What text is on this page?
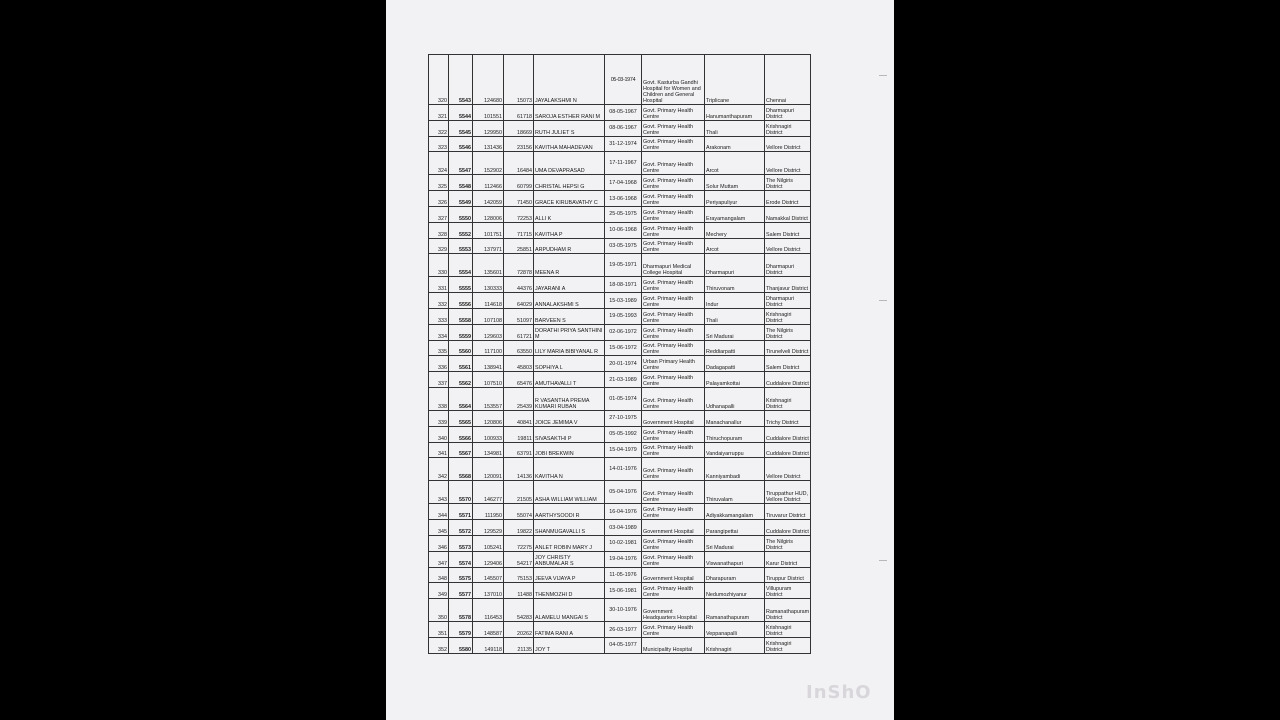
320	5543	124680	15073	JAYALAKSHMI N	05-03-1974	Govt. Kasturba Gandhi Hospital for Women and Children and General Hospital	Triplicane	Chennai
321	5544	101551	61718	SAROJA ESTHER RANI M	08-05-1967	Govt. Primary Health Centre	Hanumanthapuram	Dharmapuri District
322	5545	129950	18669	RUTH JULIET S	08-06-1967	Govt. Primary Health Centre	Thali	Krishnagiri District
323	5546	131436	23156	KAVITHA MAHADEVAN	31-12-1974	Govt. Primary Health Centre	Arakonam	Vellore District
324	5547	152902	16484	UMA DEVAPRASAD	17-11-1967	Govt. Primary Health Centre	Arcot	Vellore District
325	5548	112466	60799	CHRISTAL HEPSI G	17-04-1968	Govt. Primary Health Centre	Solur Muttam	The Nilgiris District
326	5549	142059	71450	GRACE KIRUBAVATHY C	13-06-1968	Govt. Primary Health Centre	Periyapuliyur	Erode District
327	5550	128006	72253	ALLI K	25-05-1975	Govt. Primary Health Centre	Erayamangalam	Namakkal District
328	5552	101751	71715	KAVITHA P	10-06-1968	Govt. Primary Health Centre	Mechery	Salem District
329	5553	137971	25851	ARPUDHAM R	03-05-1975	Govt. Primary Health Centre	Arcot	Vellore District
330	5554	135601	72878	MEENA R	19-05-1971	Dharmapuri Medical College Hospital	Dharmapuri	Dharmapuri District
331	5555	130333	44376	JAYARANI A	18-08-1971	Govt. Primary Health Centre	Thiruvonam	Thanjavur District
332	5556	114618	64029	ANNALAKSHMI S	15-03-1989	Govt. Primary Health Centre	Indur	Dharmapuri District
333	5558	107108	51097	BARVEEN S	19-05-1993	Govt. Primary Health Centre	Thali	Krishnagiri District
334	5559	129603	61721	DORATHI PRIYA SANTHINI M	02-06-1972	Govt. Primary Health Centre	Sri Madurai	The Nilgiris District
335	5560	117100	63550	LILY MARIA BIBIYANAL R	15-06-1972	Govt. Primary Health Centre	Reddiarpatti	Tirunelveli District
336	5561	138941	45803	SOPHIYA L	20-01-1974	Urban Primary Health Centre	Dadagapatti	Salem District
337	5562	107510	65476	AMUTHAVALLI T	21-03-1989	Govt. Primary Health Centre	Palayamkottai	Cuddalore District
338	5564	153557	25439	R VASANTHA PREMA KUMARI RUBAN	01-05-1974	Govt. Primary Health Centre	Udhanapalli	Krishnagiri District
339	5565	120806	40841	JOICE JEMIMA V	27-10-1975	Government Hospital	Manachanallur	Trichy District
340	5566	100933	19811	SIVASAKTHI P	05-05-1992	Govt. Primary Health Centre	Thiruchopuram	Cuddalore District
341	5567	134981	63791	JOBI BREKWIN	15-04-1979	Govt. Primary Health Centre	Vandaiyarruppu	Cuddalore District
342	5568	120091	14136	KAVITHA N	14-01-1976	Govt. Primary Health Centre	Kanniyambadi	Vellore District
343	5570	146277	21505	ASHA WILLIAM WILLIAM	05-04-1976	Govt. Primary Health Centre	Thiruvalam	Tiruppathur HUD, Vellore District
344	5571	111950	55074	AARTHYSOODI R	16-04-1976	Govt. Primary Health Centre	Adiyakkamangalam	Tiruvarur District
345	5572	129529	19822	SHANMUGAVALLI S	03-04-1989	Government Hospital	Parangipettai	Cuddalore District
346	5573	105241	72275	ANLET ROBIN MARY J	10-02-1981	Govt. Primary Health Centre	Sri Madurai	The Nilgiris District
347	5574	129406	54217	JOY CHRISTY ANBUMALAR S	19-04-1976	Govt. Primary Health Centre	Viswanathapuri	Karur District
348	5575	145507	75153	JEEVA VIJAYA P	11-05-1976	Government Hospital	Dharapuram	Tiruppur District
349	5577	137010	11488	THENMOZHI D	15-06-1981	Govt. Primary Health Centre	Nedumozhiyanur	Villupuram District
350	5578	116453	54283	ALAMELU MANGAI S	30-10-1976	Government Headquarters Hospital	Ramanathapuram	Ramanathapuram District
351	5579	148587	20262	FATIMA RANI A	26-03-1977	Govt. Primary Health Centre	Veppanapalli	Krishnagiri District
352	5580	149118	21135	JOY T	04-05-1977	Municipality Hospital	Krishnagiri	Krishnagiri District
InShO
